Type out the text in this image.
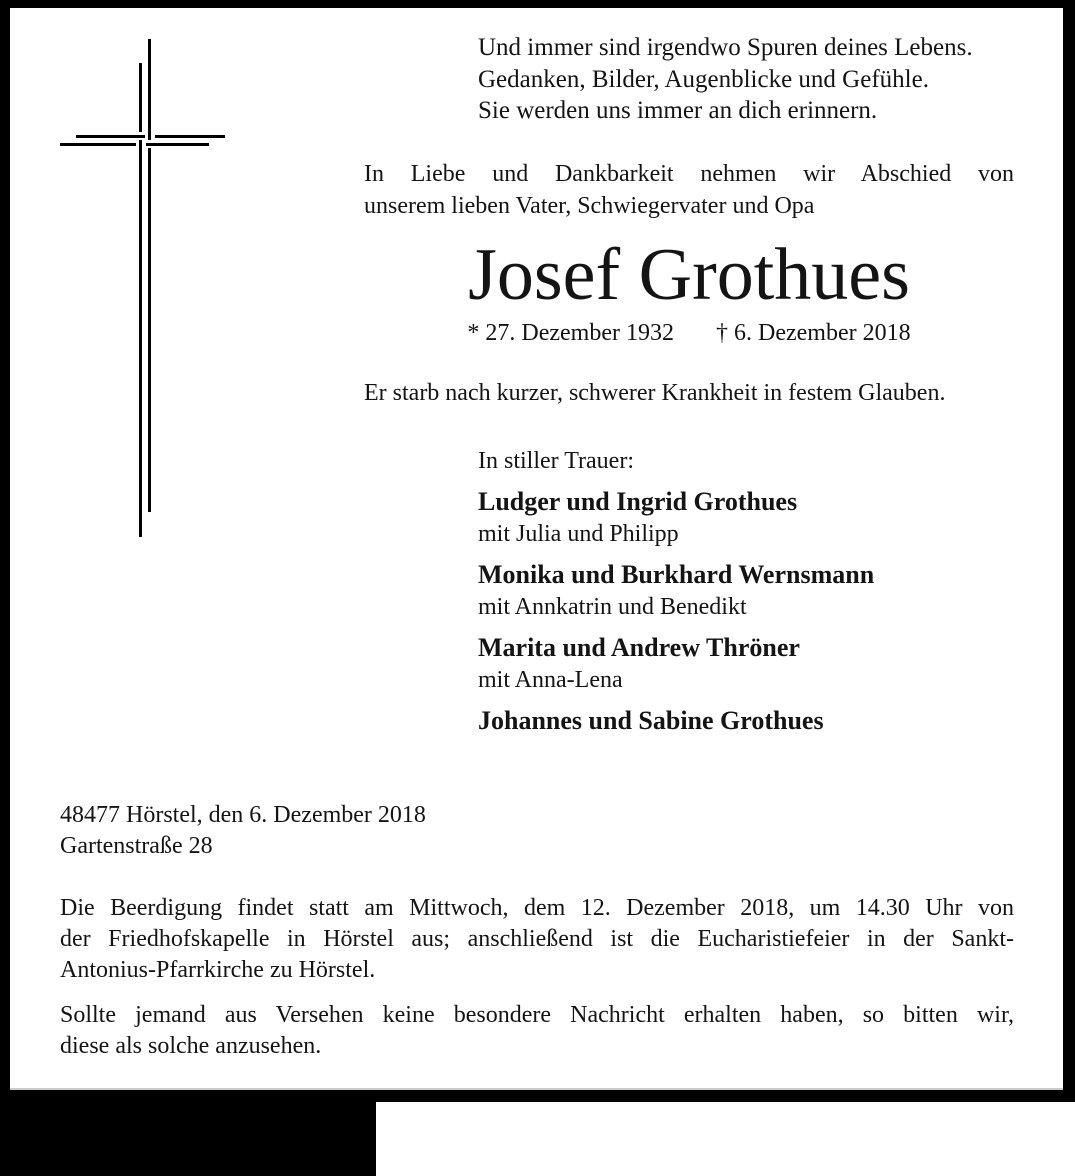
Und immer sind irgendwo Spuren deines Lebens.
Gedanken, Bilder, Augenblicke und Gefühle.
Sie werden uns immer an dich erinnern.
In Liebe und Dankbarkeit nehmen wir Abschied von
unserem lieben Vater, Schwiegervater und Opa
Josef Grothues
* 27. Dezember 1932 † 6. Dezember 2018
Er starb nach kurzer, schwerer Krankheit in festem Glauben.
In stiller Trauer:
Ludger und Ingrid Grothues
mit Julia und Philipp
Monika und Burkhard Wernsmann
mit Annkatrin und Benedikt
Marita und Andrew Thröner
mit Anna-Lena
Johannes und Sabine Grothues
48477 Hörstel, den 6. Dezember 2018
Gartenstraße 28
Die Beerdigung findet statt am Mittwoch, dem 12. Dezember 2018, um 14.30 Uhr von
der Friedhofskapelle in Hörstel aus; anschließend ist die Eucharistiefeier in der Sankt-
Antonius-Pfarrkirche zu Hörstel.
Sollte jemand aus Versehen keine besondere Nachricht erhalten haben, so bitten wir,
diese als solche anzusehen.
